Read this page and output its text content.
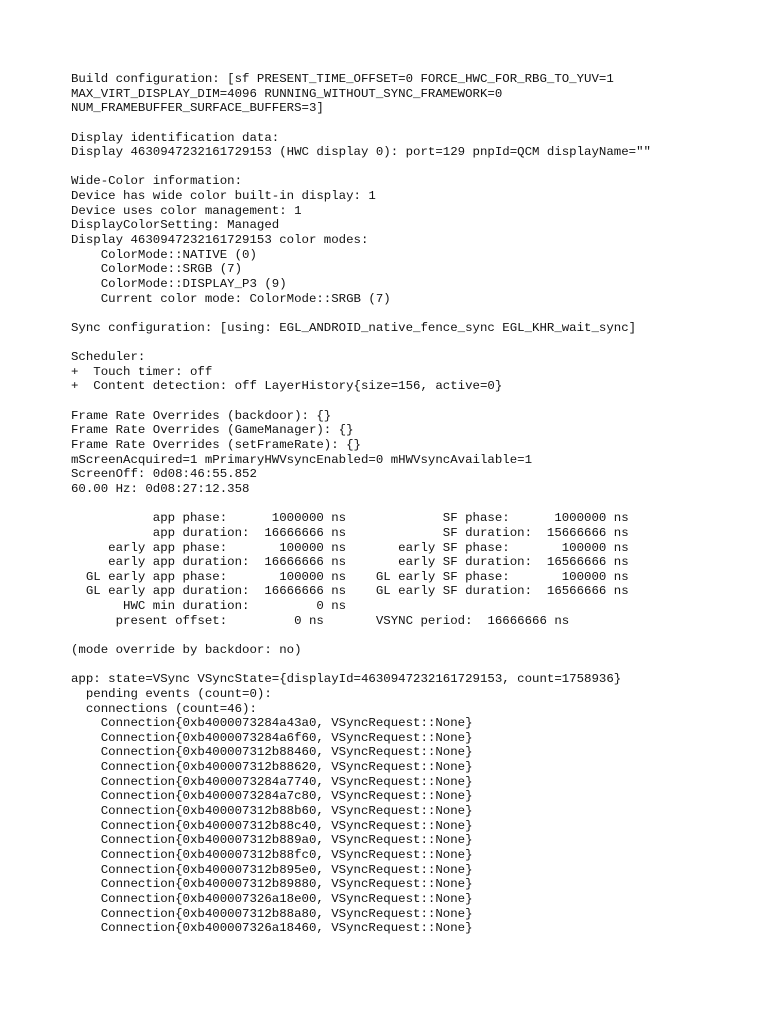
Build configuration: [sf PRESENT_TIME_OFFSET=0 FORCE_HWC_FOR_RBG_TO_YUV=1
MAX_VIRT_DISPLAY_DIM=4096 RUNNING_WITHOUT_SYNC_FRAMEWORK=0
NUM_FRAMEBUFFER_SURFACE_BUFFERS=3]
Display identification data:
Display 4630947232161729153 (HWC display 0): port=129 pnpId=QCM displayName=""
Wide-Color information:
Device has wide color built-in display: 1
Device uses color management: 1
DisplayColorSetting: Managed
Display 4630947232161729153 color modes:
ColorMode::NATIVE (0)
ColorMode::SRGB (7)
ColorMode::DISPLAY_P3 (9)
Current color mode: ColorMode::SRGB (7)
Sync configuration: [using: EGL_ANDROID_native_fence_sync EGL_KHR_wait_sync]
Scheduler:
+  Touch timer: off
+  Content detection: off LayerHistory{size=156, active=0}
Frame Rate Overrides (backdoor): {}
Frame Rate Overrides (GameManager): {}
Frame Rate Overrides (setFrameRate): {}
mScreenAcquired=1 mPrimaryHWVsyncEnabled=0 mHWVsyncAvailable=1
ScreenOff: 0d08:46:55.852
60.00 Hz: 0d08:27:12.358
app phase:      1000000 ns             SF phase:      1000000 ns
app duration:  16666666 ns             SF duration:  15666666 ns
early app phase:       100000 ns       early SF phase:       100000 ns
early app duration:  16666666 ns       early SF duration:  16566666 ns
GL early app phase:       100000 ns    GL early SF phase:       100000 ns
GL early app duration:  16666666 ns    GL early SF duration:  16566666 ns
HWC min duration:         0 ns
present offset:         0 ns       VSYNC period:  16666666 ns
(mode override by backdoor: no)
app: state=VSync VSyncState={displayId=4630947232161729153, count=1758936}
pending events (count=0):
connections (count=46):
Connection{0xb4000073284a43a0, VSyncRequest::None}
Connection{0xb4000073284a6f60, VSyncRequest::None}
Connection{0xb400007312b88460, VSyncRequest::None}
Connection{0xb400007312b88620, VSyncRequest::None}
Connection{0xb4000073284a7740, VSyncRequest::None}
Connection{0xb4000073284a7c80, VSyncRequest::None}
Connection{0xb400007312b88b60, VSyncRequest::None}
Connection{0xb400007312b88c40, VSyncRequest::None}
Connection{0xb400007312b889a0, VSyncRequest::None}
Connection{0xb400007312b88fc0, VSyncRequest::None}
Connection{0xb400007312b895e0, VSyncRequest::None}
Connection{0xb400007312b89880, VSyncRequest::None}
Connection{0xb400007326a18e00, VSyncRequest::None}
Connection{0xb400007312b88a80, VSyncRequest::None}
Connection{0xb400007326a18460, VSyncRequest::None}
